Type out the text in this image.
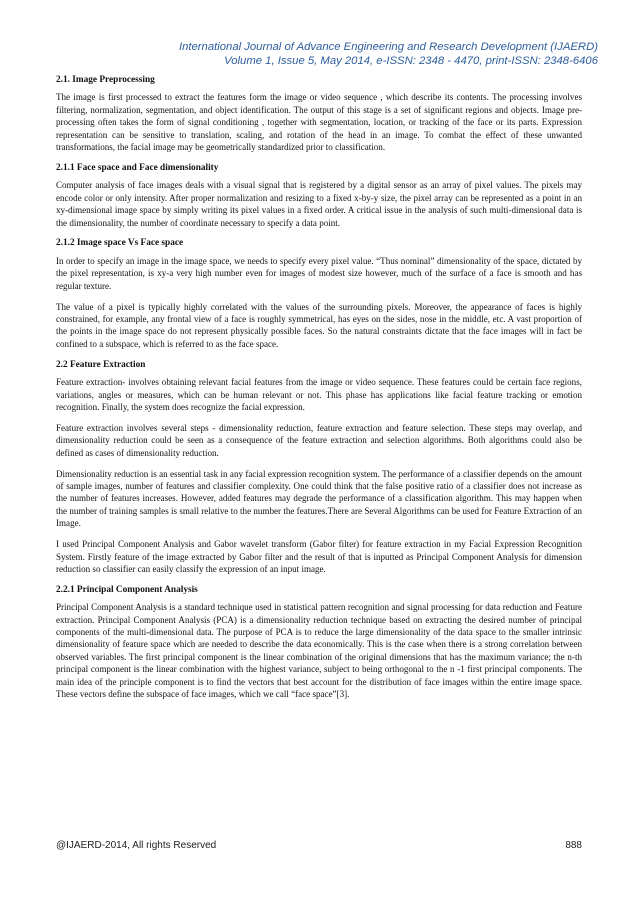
International Journal of Advance Engineering and Research Development (IJAERD)
Volume 1, Issue 5, May 2014, e-ISSN: 2348 - 4470, print-ISSN: 2348-6406
2.1. Image Preprocessing

The image is first processed to extract the features form the image or video sequence , which describe its contents. The processing involves filtering, normalization, segmentation, and object identification. The output of this stage is a set of significant regions and objects. Image pre-processing often takes the form of signal conditioning , together with segmentation, location, or tracking of the face or its parts. Expression representation can be sensitive to translation, scaling, and rotation of the head in an image. To combat the effect of these unwanted transformations, the facial image may be geometrically standardized prior to classification.

2.1.1 Face space and Face dimensionality

Computer analysis of face images deals with a visual signal that is registered by a digital sensor as an array of pixel values. The pixels may encode color or only intensity. After proper normalization and resizing to a fixed x-by-y size, the pixel array can be represented as a point in an xy-dimensional image space by simply writing its pixel values in a fixed order. A critical issue in the analysis of such multi-dimensional data is the dimensionality, the number of coordinate necessary to specify a data point.

2.1.2 Image space Vs Face space

In order to specify an image in the image space, we needs to specify every pixel value. “Thus nominal” dimensionality of the space, dictated by the pixel representation, is xy-a very high number even for images of modest size however, much of the surface of a face is smooth and has regular texture.

The value of a pixel is typically highly correlated with the values of the surrounding pixels. Moreover, the appearance of faces is highly constrained, for example, any frontal view of a face is roughly symmetrical, has eyes on the sides, nose in the middle, etc. A vast proportion of the points in the image space do not represent physically possible faces. So the natural constraints dictate that the face images will in fact be confined to a subspace, which is referred to as the face space.

2.2 Feature Extraction

Feature extraction- involves obtaining relevant facial features from the image or video sequence. These features could be certain face regions, variations, angles or measures, which can be human relevant or not. This phase has applications like facial feature tracking or emotion recognition. Finally, the system does recognize the facial expression.

Feature extraction involves several steps - dimensionality reduction, feature extraction and feature selection. These steps may overlap, and dimensionality reduction could be seen as a consequence of the feature extraction and selection algorithms. Both algorithms could also be defined as cases of dimensionality reduction.

Dimensionality reduction is an essential task in any facial expression recognition system. The performance of a classifier depends on the amount of sample images, number of features and classifier complexity. One could think that the false positive ratio of a classifier does not increase as the number of features increases. However, added features may degrade the performance of a classification algorithm. This may happen when the number of training samples is small relative to the number the features.There are Several Algorithms can be used for Feature Extraction of an Image.

I used Principal Component Analysis and Gabor wavelet transform (Gabor filter) for feature extraction in my Facial Expression Recognition System. Firstly feature of the image extracted by Gabor filter and the result of that is inputted as Principal Component Analysis for dimension reduction so classifier can easily classify the expression of an input image.

2.2.1 Principal Component Analysis

Principal Component Analysis is a standard technique used in statistical pattern recognition and signal processing for data reduction and Feature extraction. Principal Component Analysis (PCA) is a dimensionality reduction technique based on extracting the desired number of principal components of the multi-dimensional data. The purpose of PCA is to reduce the large dimensionality of the data space to the smaller intrinsic dimensionality of feature space which are needed to describe the data economically. This is the case when there is a strong correlation between observed variables. The first principal component is the linear combination of the original dimensions that has the maximum variance; the n-th principal component is the linear combination with the highest variance, subject to being orthogonal to the n -1 first principal components. The main idea of the principle component is to find the vectors that best account for the distribution of face images within the entire image space. These vectors define the subspace of face images, which we call “face space”[3].

@IJAERD-2014, All rights Reserved	888
